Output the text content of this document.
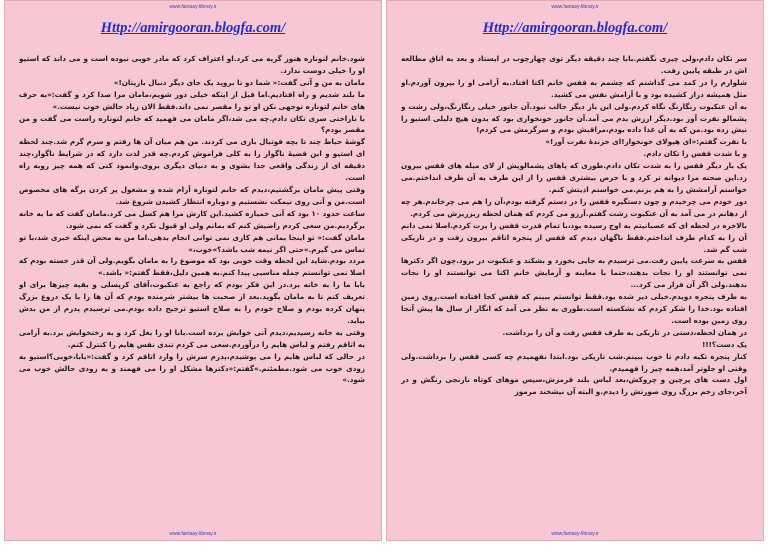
www.fantasy-library.ir
Http://amirgooran.blogfa.com/

شود.خانم لتوناره هنوز گریه می کرد.او اعتراف کرد که مادر خوبی نبوده است و می داند که استیو او را خیلی دوست ندارد.

مامان به من و آنی گفت:« شما دو تا بروید یک جای دیگر دنبال بازیتان!»

ما بلند شدیم و راه افتادیم.اما قبل از اینکه خیلی دور شویم،مامان مرا صدا کرد و گفت:«به حرف های خانم لتوناره توجهی نکن او تو را مقصر نمی داند.فقط الان زیاد حالش خوب نیست.»

با ناراحتی سری تکان دادم.چه می شد،اگر مامان می فهمید که خانم لتوناره راست می گفت و من مقصر بودم؟

گوشهٔ حیاط چند تا بچه فوتبال بازی می کردند. من هم میان آن ها رفتم و سرم گرم شد.چند لحظه ای استیو و این قضیهٔ ناگوار را به کلی فراموش کردم.چه قدر لذت دارد که در شرایط ناگوار،چند دقیقه ای از زندگی واقعی جدا بشوی و به دنیای دیگری بروی.وانمود کنی که همه چیز روبه راه است.

وقتی پیش مامان برگشتیم،دیدم که خانم لتوناره آرام شده و مشغول پر کردن برگه های مخصوص است.من و آنی روی نیمکت نشستیم و دوباره انتظار کشیدن شروع شد.

ساعت حدود ۱۰ بود که آنی خمیازه کشید.این کارش مرا هم کسل می کرد.مامان گفت که ما به خانه برگردیم.من سعی کردم راضیش کنم که بمانم ولی او قبول نکرد و گفت که نمی شود.

مامان گفت:« تو اینجا بمانی هم کاری نمی توانی انجام بدهی.اما من به محض اینکه خبری شد،با تو تماس می گیرم.»حتی اگر نیمه شب باشد؟»خوب،»

مردد بودم.شاید این لحظه وقت خوبی بود که موضوع را به مامان بگویم.ولی آن قدر خسته بودم که اصلا نمی توانستم جمله مناسبی پیدا کنم.به همین دلیل،فقط گفتم:« باشد.»

بابا ما را به خانه برد.در این فکر بودم که راجع به عنکبوت،آقای کرپسلی و بقیه چیزها برای او تعریف کنم تا به مامان بگوید.بعد از صحبت ها بیشتر شرمنده بودم که آن ها را با یک دروغ بزرگ پنهان کرده بودم و صلاح خودم را به صلاح استیو ترجیح داده بودم.می ترسیدم پدرم از من بدش بیاید.

وقتی به خانه رسیدیم،دیدم آنی خوابش برده است.بابا او را بغل کرد و به رختخوابش برد.به آرامی به اتاقم رفتم و لباس هایم را درآوردم.سعی می کردم تندی نفس هایم را کنترل کنم.

در حالی که لباس هایم را می پوشیدم،پدرم سرش را وارد اتاقم کرد و گفت:«بابا،خوبی؟استیو به زودی خوب می شود.مطمئنم.»گفتم:«دکترها مشکل او را می فهمند و به زودی حالش خوب می شود.»

www.fantasy-library.ir
www.fantasy-library.ir
Http://amirgooran.blogfa.com/

سر تکان دادم،ولی چیزی نگفتم.بابا چند دقیقه دیگر توی چهارچوب در ایستاد و بعد به اتاق مطالعه اش در طبقه پایین رفت.

شلوارم را در کمد می گذاشتم که چشمم به قفس خانم اکتا افتاد.به آرامی او را بیرون آوردم.او مثل همیشه دراز کشیده بود و با آرامش نفس می کشید.

به آن عنکبوت رنگارنگ نگاه کردم.ولی این بار دیگر جالب نبود.آن جانور خیلی رنگارنگ،ولی زشت و پشمالو نفرت آور بود.دیگر ارزش بدم می آمد.آن جانور خونخواری بود که بدون هیچ دلیلی استیو را نیش زده بود.من که به آن غذا داده بودم،مراقبش بودم و سرگرمش می کردم!

با نفرت گفتم:«ای هیولای خونخوار!ای خزندهٔ نفرت آور!»

و با شدت قفس را تکان دادم.

یک بار دیگر قفس را به شدت تکان دادم.طوری که پاهای پشمالویش از لای میله های قفس بیرون زد.این صحنه مرا دیوانه تر کرد و با حرص بیشتری قفس را از این طرف به آن طرف انداختم.می خواستم آرامشش را به هم بزنم.می خواستم اذیتش کنم.

دور خودم می چرخیدم و چون دستگیره قفس را در دستم گرفته بودم،آن را هم می چرخاندم.هر چه از دهانم در می آمد به آن عنکبوت زشت گفتم.آرزو می کردم که همان لحظه ریزریزش می کردم.

بالاخره در لحظه ای که عصبانیتم به اوج رسیده بود،با تمام قدرت قفس را پرت کردم.اصلا نمی دانم آن را به کدام طرف انداختم.فقط ناگهان دیدم که قفس از پنجره اتاقم بیرون رفت و در تاریکی شب گم شد.

قفس به سرعت پایین رفت.می ترسیدم به جایی بخورد و بشکند و عنکبوت در برود.چون اگر دکترها نمی توانستند او را نجات بدهند،حتما با معاینه و آزمایش خانم اکتا می توانستند او را نجات بدهند.ولی اگر آن فرار می کرد...

به طرف پنجره دویدم.خیلی دیر شده بود.فقط توانستم ببینم که قفس کجا افتاده است.روی زمین افتاده بود.خدا را شکر کردم که نشکسته است.طوری به نظر می آمد که انگار از سال ها پیش آنجا روی زمین بوده است.

در همان لحظه،دستی در تاریکی به طرف قفس رفت و آن را برداشت.

یک دست؟!!!

کنار پنجره تکیه دادم تا خوب ببینم.شب تاریکی بود.ابتدا نفهمیدم چه کسی قفس را برداشت.ولی وقتی او جلوتر آمد،همه چیز را فهمیدم.

اول دست های پرچین و چروکش،بعد لباس بلند قرمزش،سپس موهای کوتاه نارنجی رنگش و در آخر،جای زخم بزرگ روی صورتش را دیدم.و البته آن نیشخند مرموز

www.fantasy-library.ir
